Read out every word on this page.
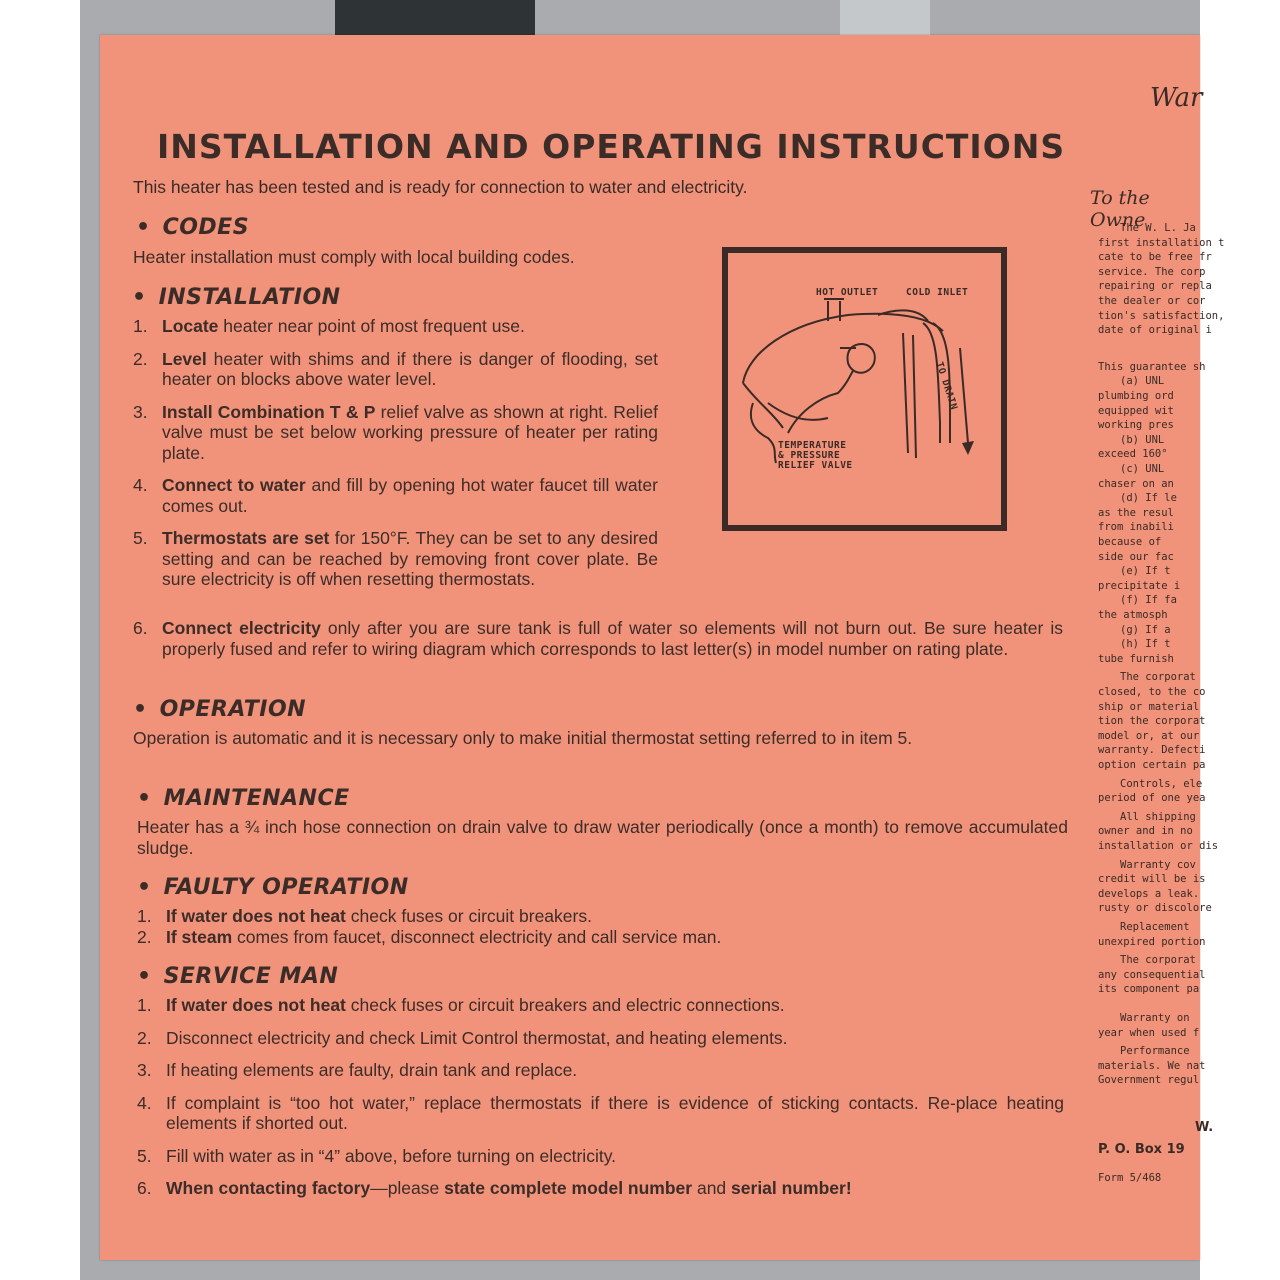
INSTALLATION AND OPERATING INSTRUCTIONS
This heater has been tested and is ready for connection to water and electricity.
• CODES
Heater installation must comply with local building codes.
• INSTALLATION
1. Locate heater near point of most frequent use.
2. Level heater with shims and if there is danger of flooding, set heater on blocks above water level.
3. Install Combination T & P relief valve as shown at right. Relief valve must be set below working pressure of heater per rating plate.
4. Connect to water and fill by opening hot water faucet till water comes out.
5. Thermostats are set for 150°F. They can be set to any desired setting and can be reached by removing front cover plate. Be sure electricity is off when resetting thermostats.
6. Connect electricity only after you are sure tank is full of water so elements will not burn out. Be sure heater is properly fused and refer to wiring diagram which corresponds to last letter(s) in model number on rating plate.
HOT OUTLET	COLD INLET
TO DRAIN
TEMPERATURE
& PRESSURE
RELIEF VALVE
• OPERATION
Operation is automatic and it is necessary only to make initial thermostat setting referred to in item 5.
• MAINTENANCE
Heater has a ¾ inch hose connection on drain valve to draw water periodically (once a month) to remove accumulated sludge.
• FAULTY OPERATION
1. If water does not heat check fuses or circuit breakers.
2. If steam comes from faucet, disconnect electricity and call service man.
• SERVICE MAN
1. If water does not heat check fuses or circuit breakers and electric connections.
2. Disconnect electricity and check Limit Control thermostat, and heating elements.
3. If heating elements are faulty, drain tank and replace.
4. If complaint is “too hot water,” replace thermostats if there is evidence of sticking contacts. Re-place heating elements if shorted out.
5. Fill with water as in “4” above, before turning on electricity.
6. When contacting factory—please state complete model number and serial number!
War
To the Owne
The W. L. Ja
first installation t
cate to be free fr
service. The corp
repairing or repla
the dealer or cor
tion's satisfaction,
date of original i
This guarantee sh
(a) UNL
plumbing ord
equipped wit
working pres
(b) UNL
exceed 160°
(c) UNL
chaser on an
(d) If le
as the resul
from inabili
because of
side our fac
(e) If t
precipitate i
(f) If fa
the atmosph
(g) If a
(h) If t
tube furnish
The corporat
closed, to the co
ship or material
tion the corporat
model or, at our
warranty. Defecti
option certain pa
Controls, ele
period of one yea
All shipping
owner and in no
installation or dis
Warranty cov
credit will be is
develops a leak.
rusty or discolore
Replacement
unexpired portion
The corporat
any consequential
its component pa
Warranty on
year when used f
Performance
materials. We nat
Government regul
W.
P. O. Box 19
Form 5/468
